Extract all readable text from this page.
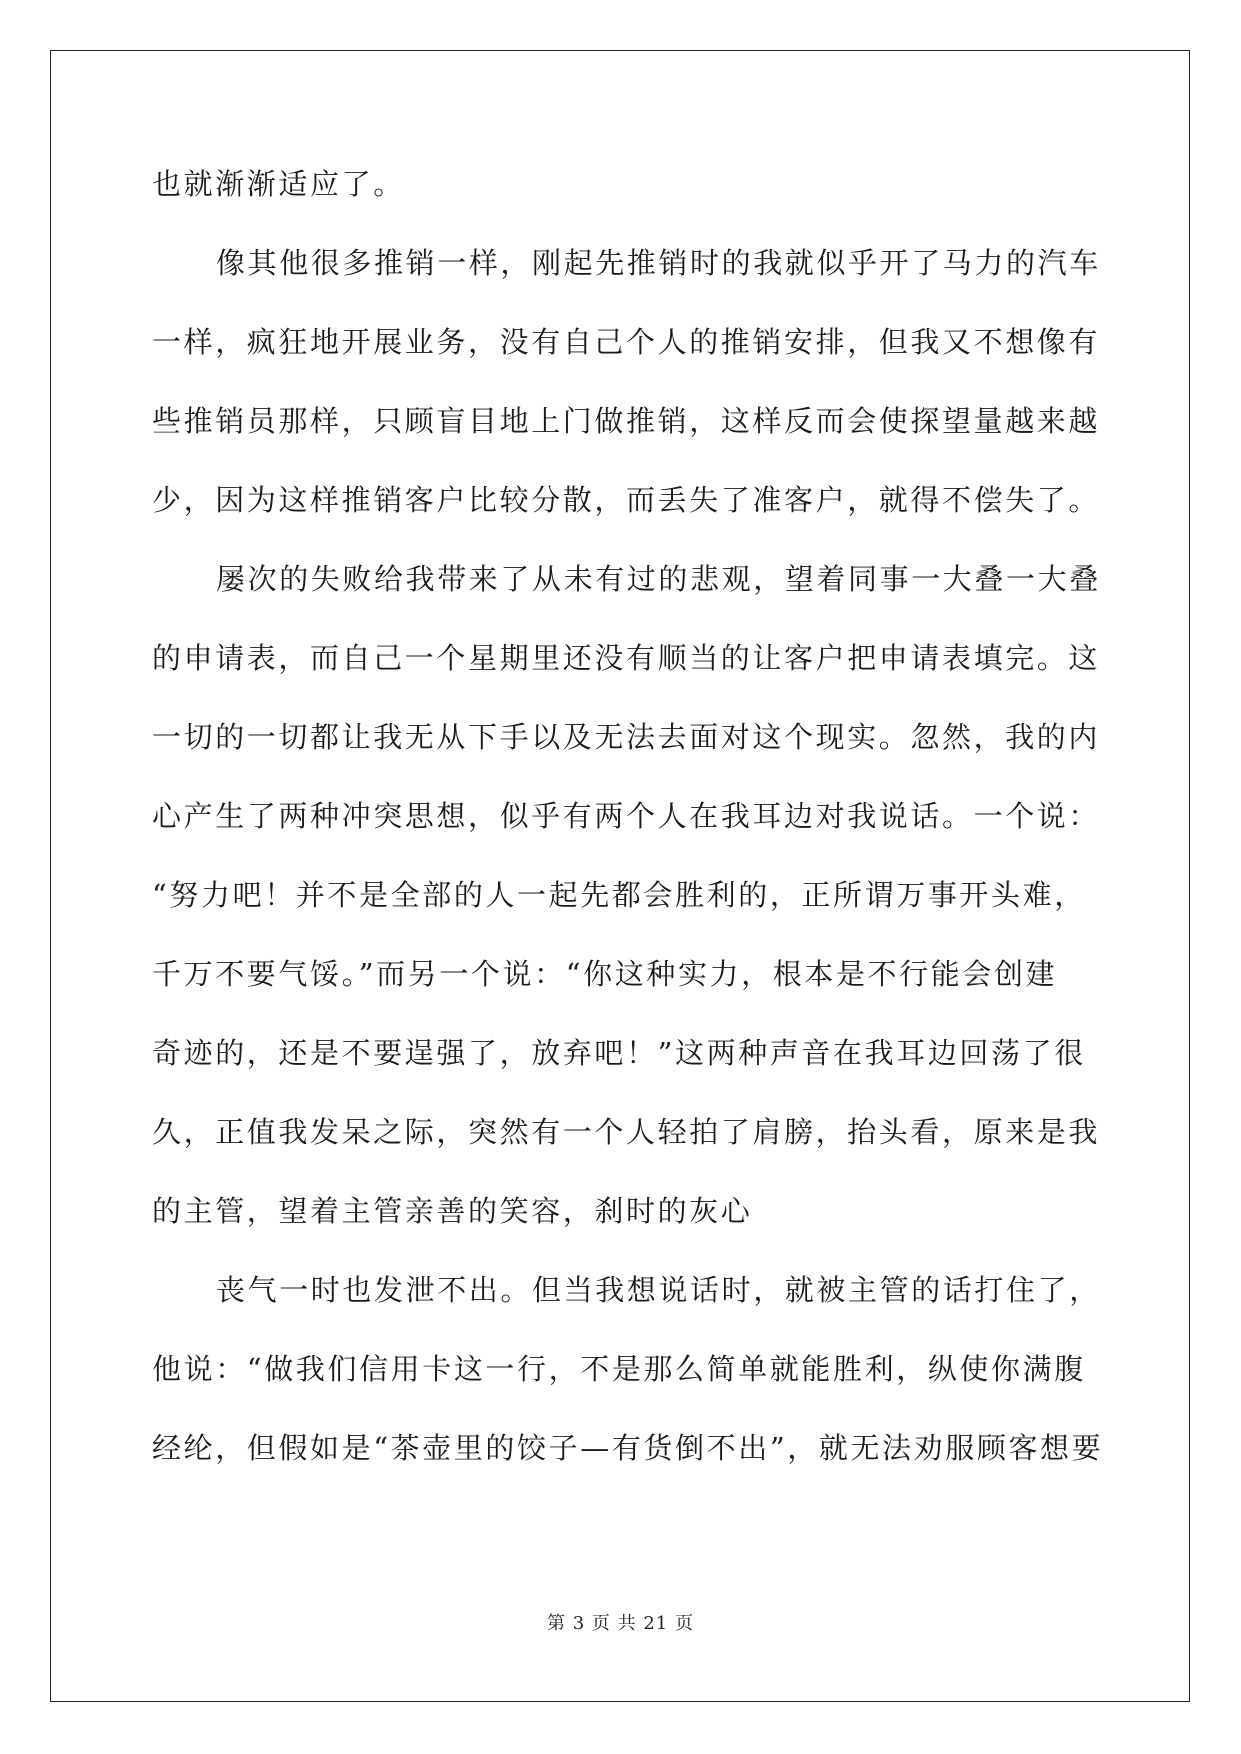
也就渐渐适应了。
像其他很多推销一样，刚起先推销时的我就似乎开了马力的汽车
一样，疯狂地开展业务，没有自己个人的推销安排，但我又不想像有
些推销员那样，只顾盲目地上门做推销，这样反而会使探望量越来越
少，因为这样推销客户比较分散，而丢失了准客户，就得不偿失了。
屡次的失败给我带来了从未有过的悲观，望着同事一大叠一大叠
的申请表，而自己一个星期里还没有顺当的让客户把申请表填完。这
一切的一切都让我无从下手以及无法去面对这个现实。忽然，我的内
心产生了两种冲突思想，似乎有两个人在我耳边对我说话。一个说：
“努力吧！并不是全部的人一起先都会胜利的，正所谓万事开头难，
千万不要气馁。”而另一个说：“你这种实力，根本是不行能会创建
奇迹的，还是不要逞强了，放弃吧！”这两种声音在我耳边回荡了很
久，正值我发呆之际，突然有一个人轻拍了肩膀，抬头看，原来是我
的主管，望着主管亲善的笑容，刹时的灰心
丧气一时也发泄不出。但当我想说话时，就被主管的话打住了，
他说：“做我们信用卡这一行，不是那么简单就能胜利，纵使你满腹
经纶，但假如是“茶壶里的饺子—有货倒不出”，就无法劝服顾客想要
第 3 页 共 21 页
